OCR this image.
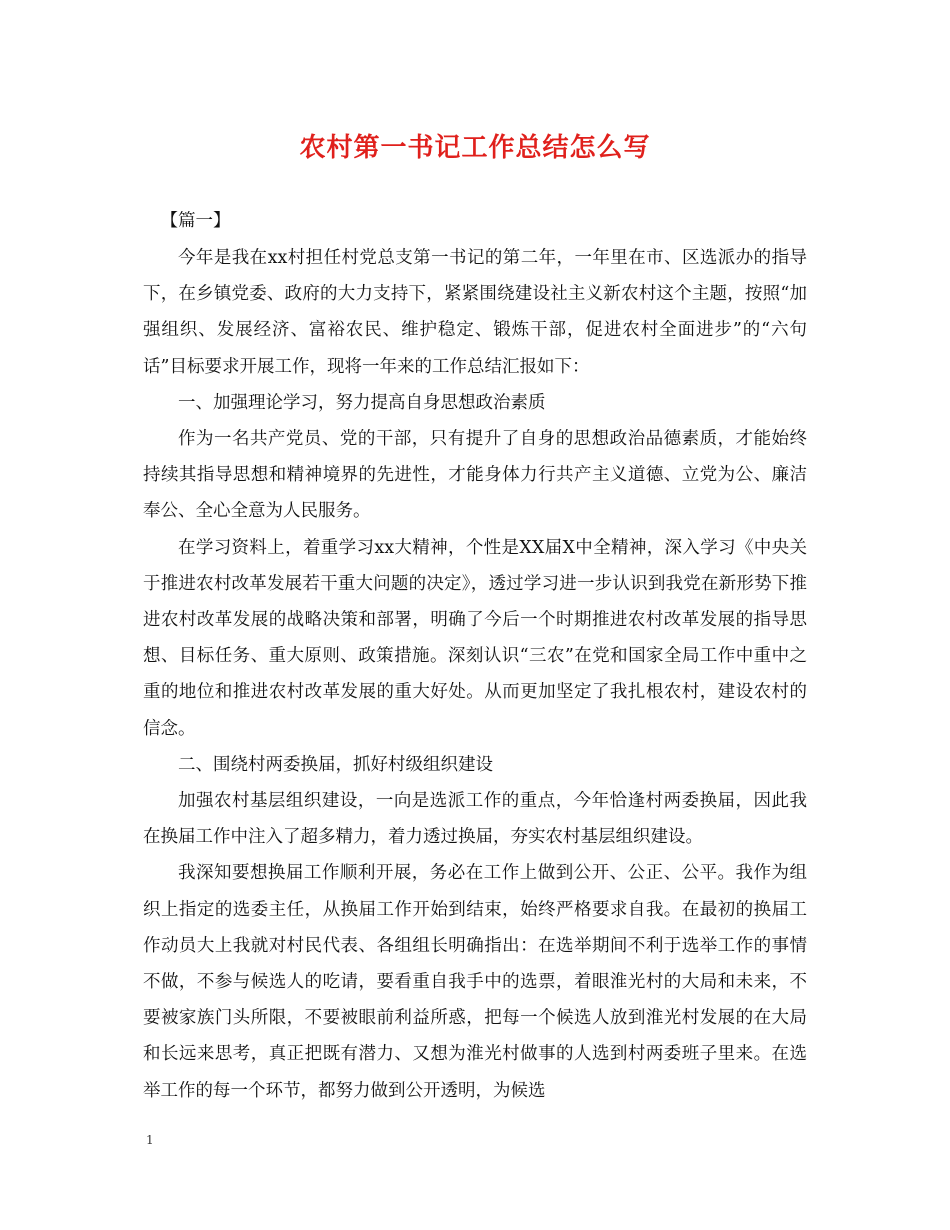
农村第一书记工作总结怎么写

【篇一】

今年是我在xx村担任村党总支第一书记的第二年，一年里在市、区选派办的指导下，在乡镇党委、政府的大力支持下，紧紧围绕建设社主义新农村这个主题，按照“加强组织、发展经济、富裕农民、维护稳定、锻炼干部，促进农村全面进步”的“六句话”目标要求开展工作，现将一年来的工作总结汇报如下：

一、加强理论学习，努力提高自身思想政治素质

作为一名共产党员、党的干部，只有提升了自身的思想政治品德素质，才能始终持续其指导思想和精神境界的先进性，才能身体力行共产主义道德、立党为公、廉洁奉公、全心全意为人民服务。

在学习资料上，着重学习xx大精神，个性是XX届X中全精神，深入学习《中央关于推进农村改革发展若干重大问题的决定》，透过学习进一步认识到我党在新形势下推进农村改革发展的战略决策和部署，明确了今后一个时期推进农村改革发展的指导思想、目标任务、重大原则、政策措施。深刻认识“三农”在党和国家全局工作中重中之重的地位和推进农村改革发展的重大好处。从而更加坚定了我扎根农村，建设农村的信念。

二、围绕村两委换届，抓好村级组织建设

加强农村基层组织建设，一向是选派工作的重点，今年恰逢村两委换届，因此我在换届工作中注入了超多精力，着力透过换届，夯实农村基层组织建设。

我深知要想换届工作顺利开展，务必在工作上做到公开、公正、公平。我作为组织上指定的选委主任，从换届工作开始到结束，始终严格要求自我。在最初的换届工作动员大上我就对村民代表、各组组长明确指出：在选举期间不利于选举工作的事情不做，不参与候选人的吃请，要看重自我手中的选票，着眼淮光村的大局和未来，不要被家族门头所限，不要被眼前利益所惑，把每一个候选人放到淮光村发展的在大局和长远来思考，真正把既有潜力、又想为淮光村做事的人选到村两委班子里来。在选举工作的每一个环节，都努力做到公开透明，为候选

1
